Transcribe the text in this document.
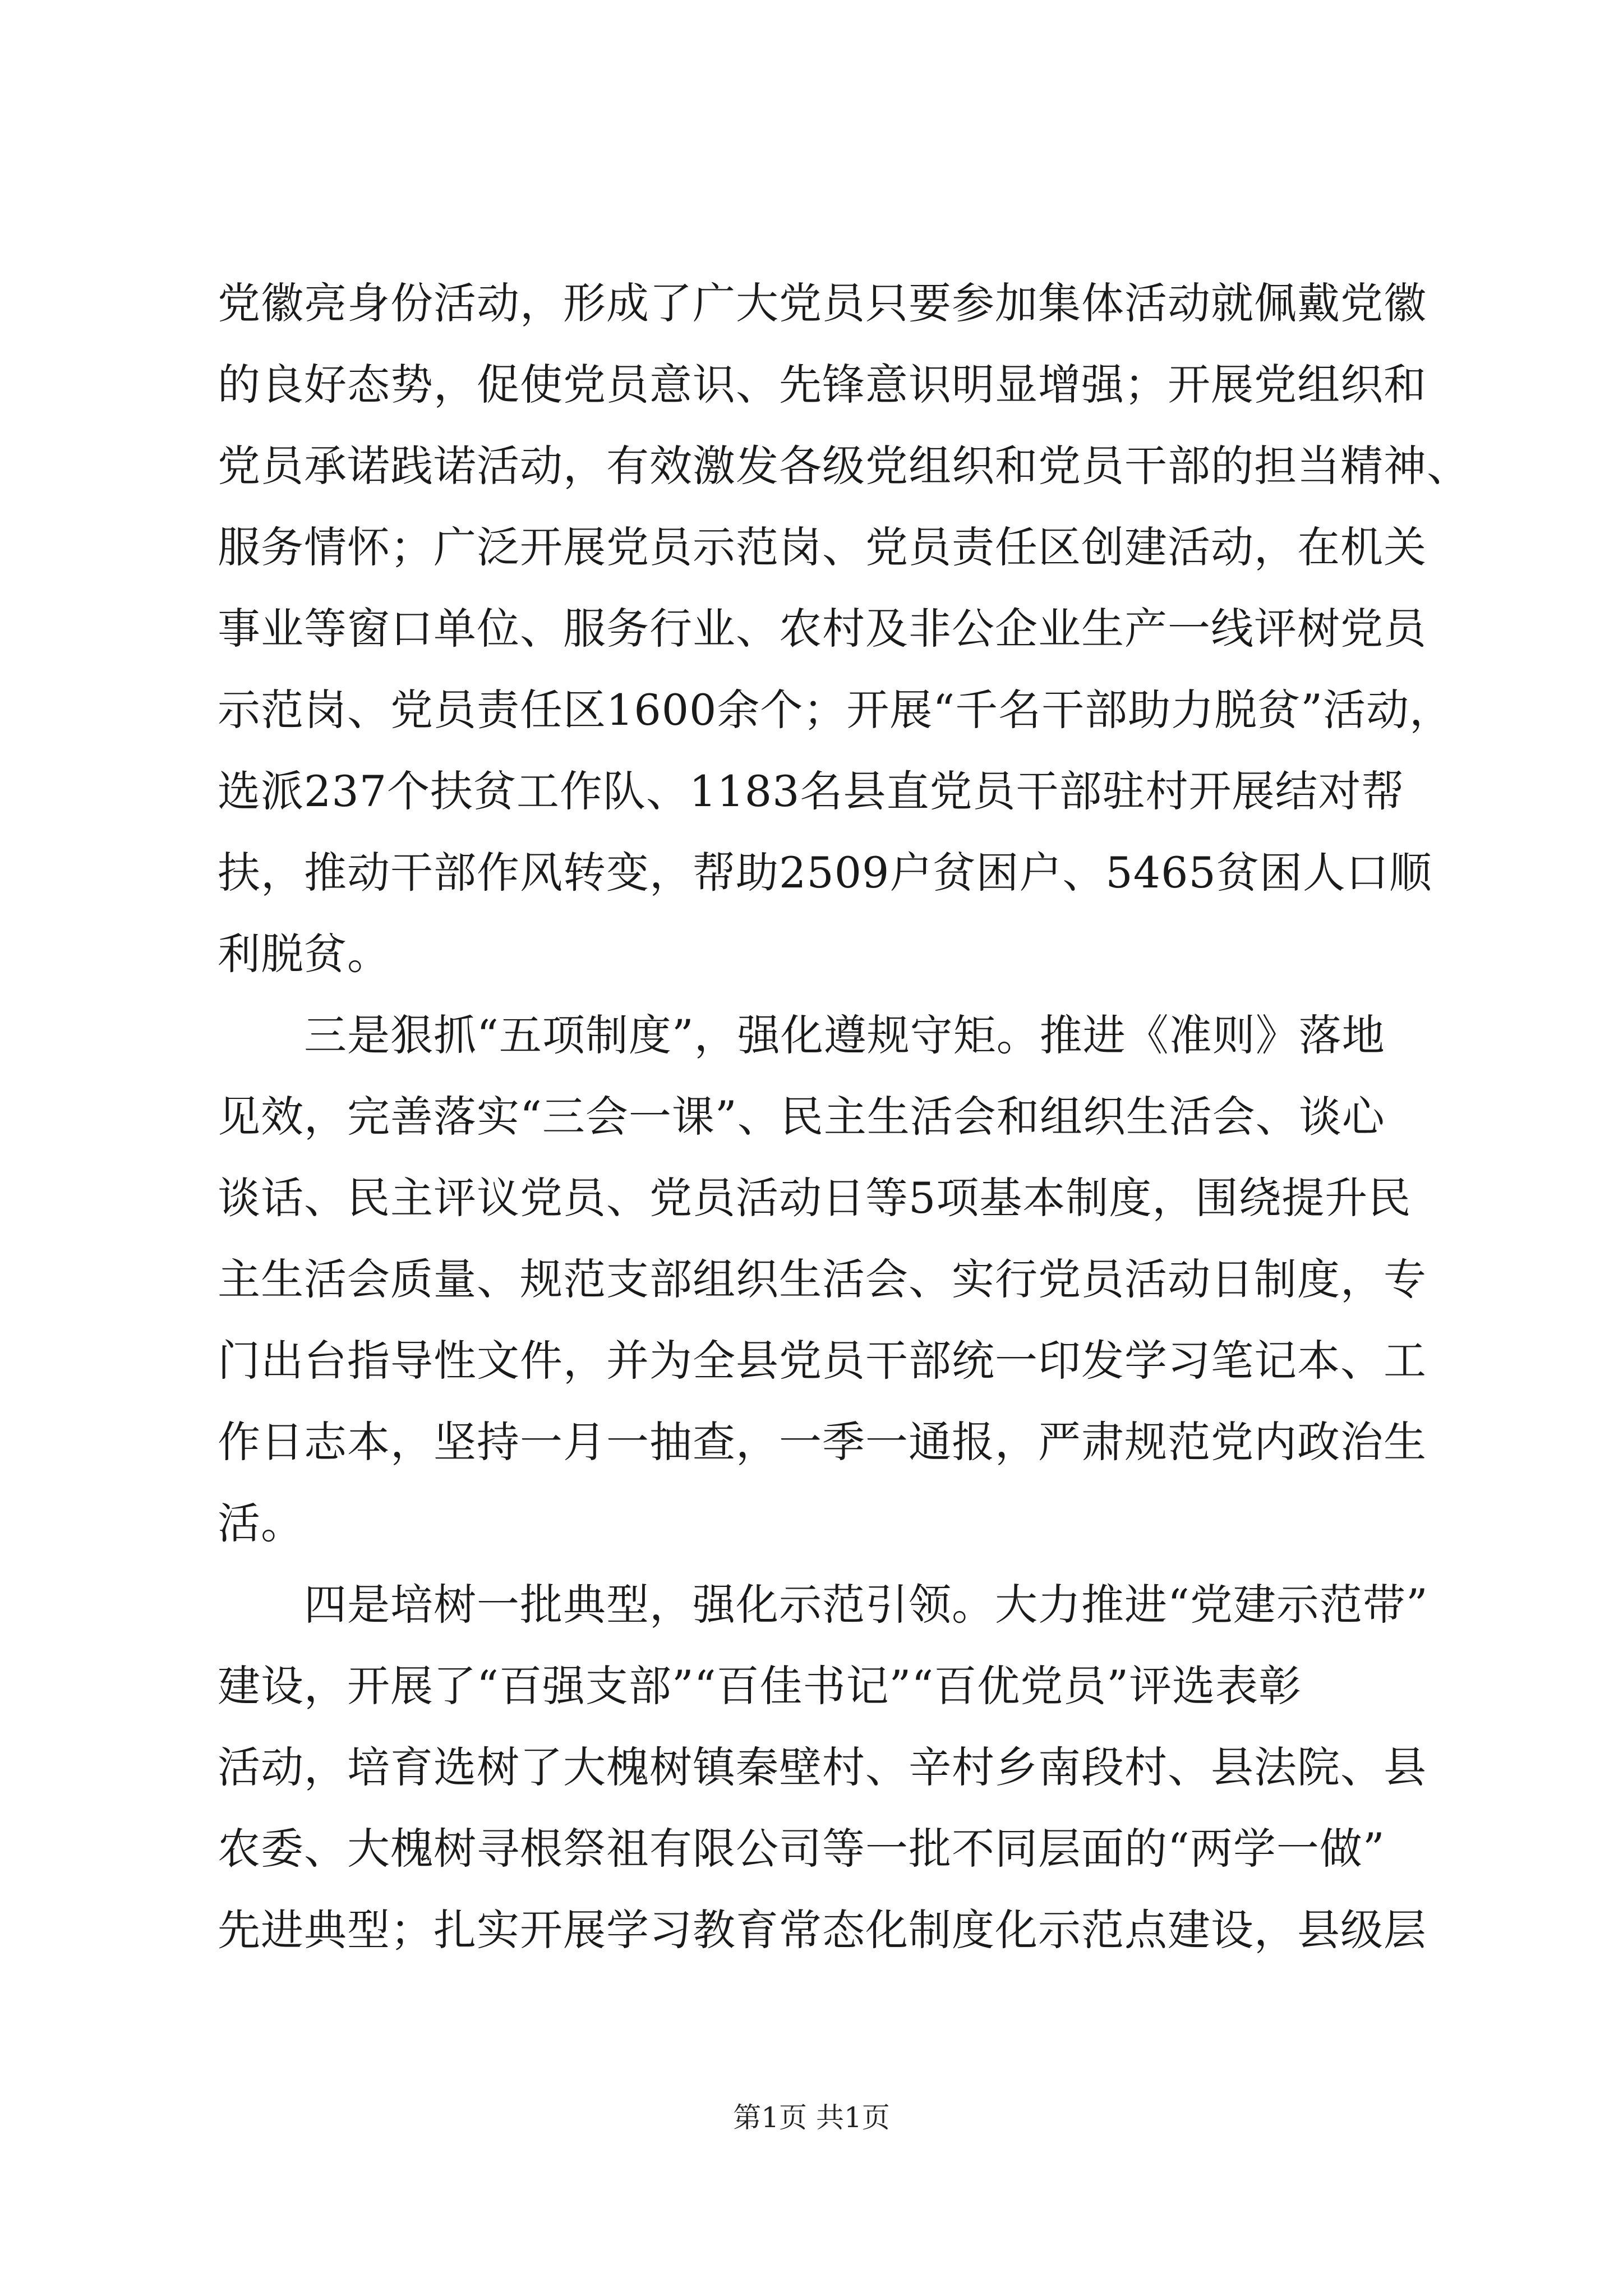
党徽亮身份活动，形成了广大党员只要参加集体活动就佩戴党徽
的良好态势，促使党员意识、先锋意识明显增强；开展党组织和
党员承诺践诺活动，有效激发各级党组织和党员干部的担当精神、
服务情怀；广泛开展党员示范岗、党员责任区创建活动，在机关
事业等窗口单位、服务行业、农村及非公企业生产一线评树党员
示范岗、党员责任区1600余个；开展“千名干部助力脱贫”活动，
选派237个扶贫工作队、1183名县直党员干部驻村开展结对帮
扶，推动干部作风转变，帮助2509户贫困户、5465贫困人口顺
利脱贫。
　　三是狠抓“五项制度”，强化遵规守矩。推进《准则》落地
见效，完善落实“三会一课”、民主生活会和组织生活会、谈心
谈话、民主评议党员、党员活动日等5项基本制度，围绕提升民
主生活会质量、规范支部组织生活会、实行党员活动日制度，专
门出台指导性文件，并为全县党员干部统一印发学习笔记本、工
作日志本，坚持一月一抽查，一季一通报，严肃规范党内政治生
活。
　　四是培树一批典型，强化示范引领。大力推进“党建示范带”
建设，开展了“百强支部”“百佳书记”“百优党员”评选表彰
活动，培育选树了大槐树镇秦壁村、辛村乡南段村、县法院、县
农委、大槐树寻根祭祖有限公司等一批不同层面的“两学一做”
先进典型；扎实开展学习教育常态化制度化示范点建设，县级层
第1页 共1页
